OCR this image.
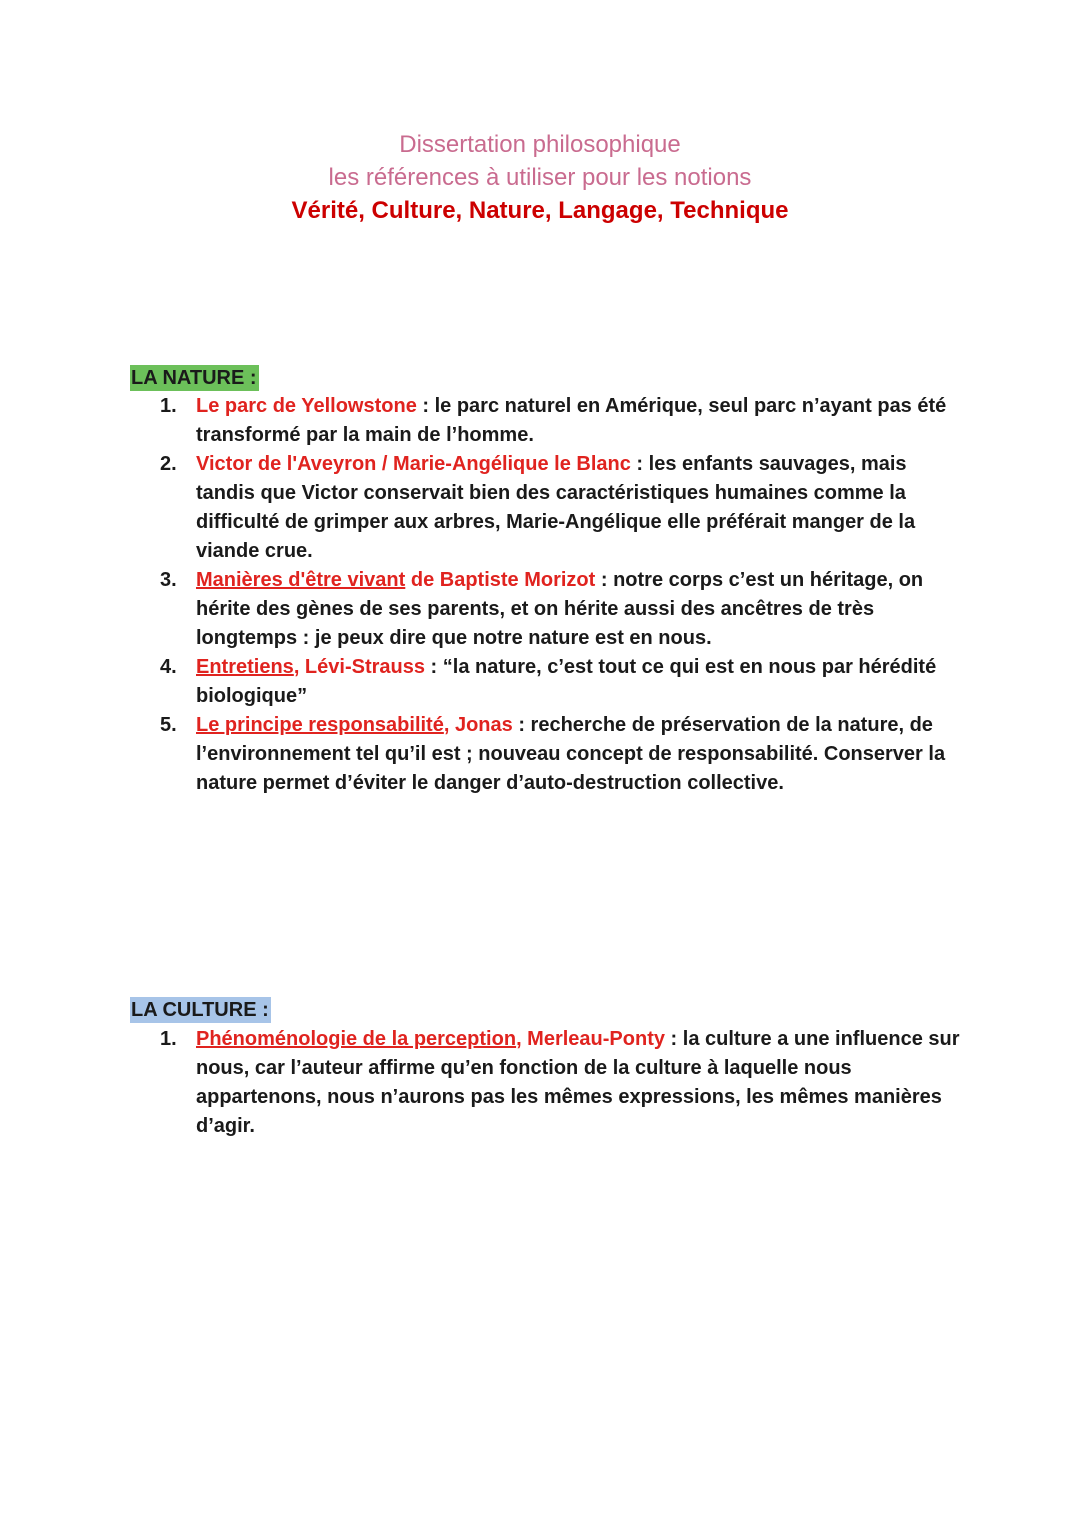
Dissertation philosophique
les références à utiliser pour les notions
Vérité, Culture, Nature, Langage, Technique
LA NATURE :
1. Le parc de Yellowstone : le parc naturel en Amérique, seul parc n’ayant pas été transformé par la main de l’homme.
2. Victor de l'Aveyron / Marie-Angélique le Blanc : les enfants sauvages, mais tandis que Victor conservait bien des caractéristiques humaines comme la difficulté de grimper aux arbres, Marie-Angélique elle préférait manger de la viande crue.
3. Manières d'être vivant de Baptiste Morizot : notre corps c’est un héritage, on hérite des gènes de ses parents, et on hérite aussi des ancêtres de très longtemps : je peux dire que notre nature est en nous.
4. Entretiens, Lévi-Strauss : “la nature, c’est tout ce qui est en nous par hérédité biologique”
5. Le principe responsabilité, Jonas : recherche de préservation de la nature, de l’environnement tel qu’il est ; nouveau concept de responsabilité. Conserver la nature permet d’éviter le danger d’auto-destruction collective.
LA CULTURE :
1. Phénoménologie de la perception, Merleau-Ponty : la culture a une influence sur nous, car l’auteur affirme qu’en fonction de la culture à laquelle nous appartenons, nous n’aurons pas les mêmes expressions, les mêmes manières d’agir.
